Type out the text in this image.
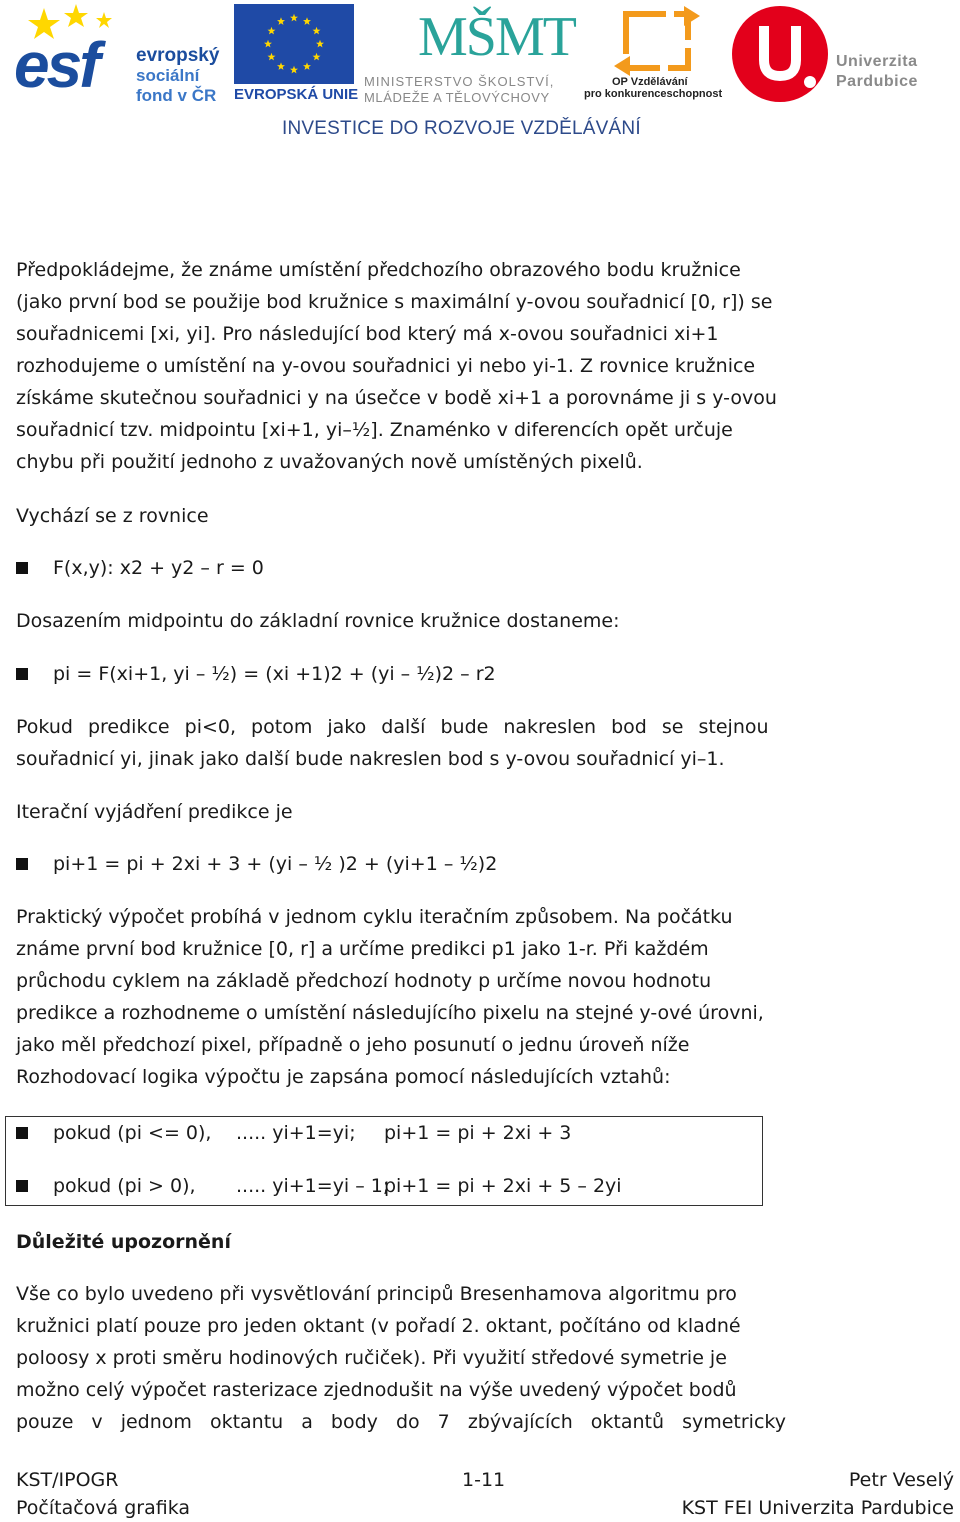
esf evropský
sociální
fond v ČR EVROPSKÁ UNIE
MŠMT
MINISTERSTVO ŠKOLSTVÍ,
MLÁDEŽE A TĚLOVÝCHOVY
OP Vzdělávání
pro konkurenceschopnost
Univerzita
Pardubice
INVESTICE DO ROZVOJE VZDĚLÁVÁNÍ

Předpokládejme, že známe umístění předchozího obrazového bodu kružnice

(jako první bod se použije bod kružnice s maximální y-ovou souřadnicí [0, r]) se

souřadnicemi [xi, yi]. Pro následující bod který má x-ovou souřadnici xi+1

rozhodujeme o umístění na y-ovou souřadnici yi nebo yi-1. Z rovnice kružnice

získáme skutečnou souřadnici y na úsečce v bodě xi+1 a porovnáme ji s y-ovou

souřadnicí tzv. midpointu [xi+1, yi–½]. Znaménko v diferencích opět určuje

chybu při použití jednoho z uvažovaných nově umístěných pixelů.

Vychází se z rovnice

F(x,y): x2 + y2 – r = 0

Dosazením midpointu do základní rovnice kružnice dostaneme:

pi = F(xi+1, yi – ½) = (xi +1)2 + (yi – ½)2 – r2

Pokud predikce pi<0, potom jako další bude nakreslen bod se stejnou

souřadnicí yi, jinak jako další bude nakreslen bod s y-ovou souřadnicí yi–1.

Iterační vyjádření predikce je

pi+1 = pi + 2xi + 3 + (yi – ½ )2 + (yi+1 – ½)2

Praktický výpočet probíhá v jednom cyklu iteračním způsobem. Na počátku

známe první bod kružnice [0, r] a určíme predikci p1 jako 1-r. Při každém

průchodu cyklem na základě předchozí hodnoty p určíme novou hodnotu

predikce a rozhodneme o umístění následujícího pixelu na stejné y-ové úrovni,

jako měl předchozí pixel, případně o jeho posunutí o jednu úroveň níže

Rozhodovací logika výpočtu je zapsána pomocí následujících vztahů:

pokud (pi <= 0), ..... yi+1=yi; pi+1 = pi + 2xi + 3
pokud (pi > 0), ..... yi+1=yi – 1;
pi+1 = pi + 2xi + 5 – 2yi
Důležité upozornění

Vše co bylo uvedeno při vysvětlování principů Bresenhamova algoritmu pro

kružnici platí pouze pro jeden oktant (v pořadí 2. oktant, počítáno od kladné

poloosy x proti směru hodinových ručiček). Při využití středové symetrie je

možno celý výpočet rasterizace zjednodušit na výše uvedený výpočet bodů

pouze v jednom oktantu a body do 7 zbývajících oktantů symetricky

KST/IPOGR
Počítačová grafika
1-11	Petr Veselý
KST FEI Univerzita Pardubice
